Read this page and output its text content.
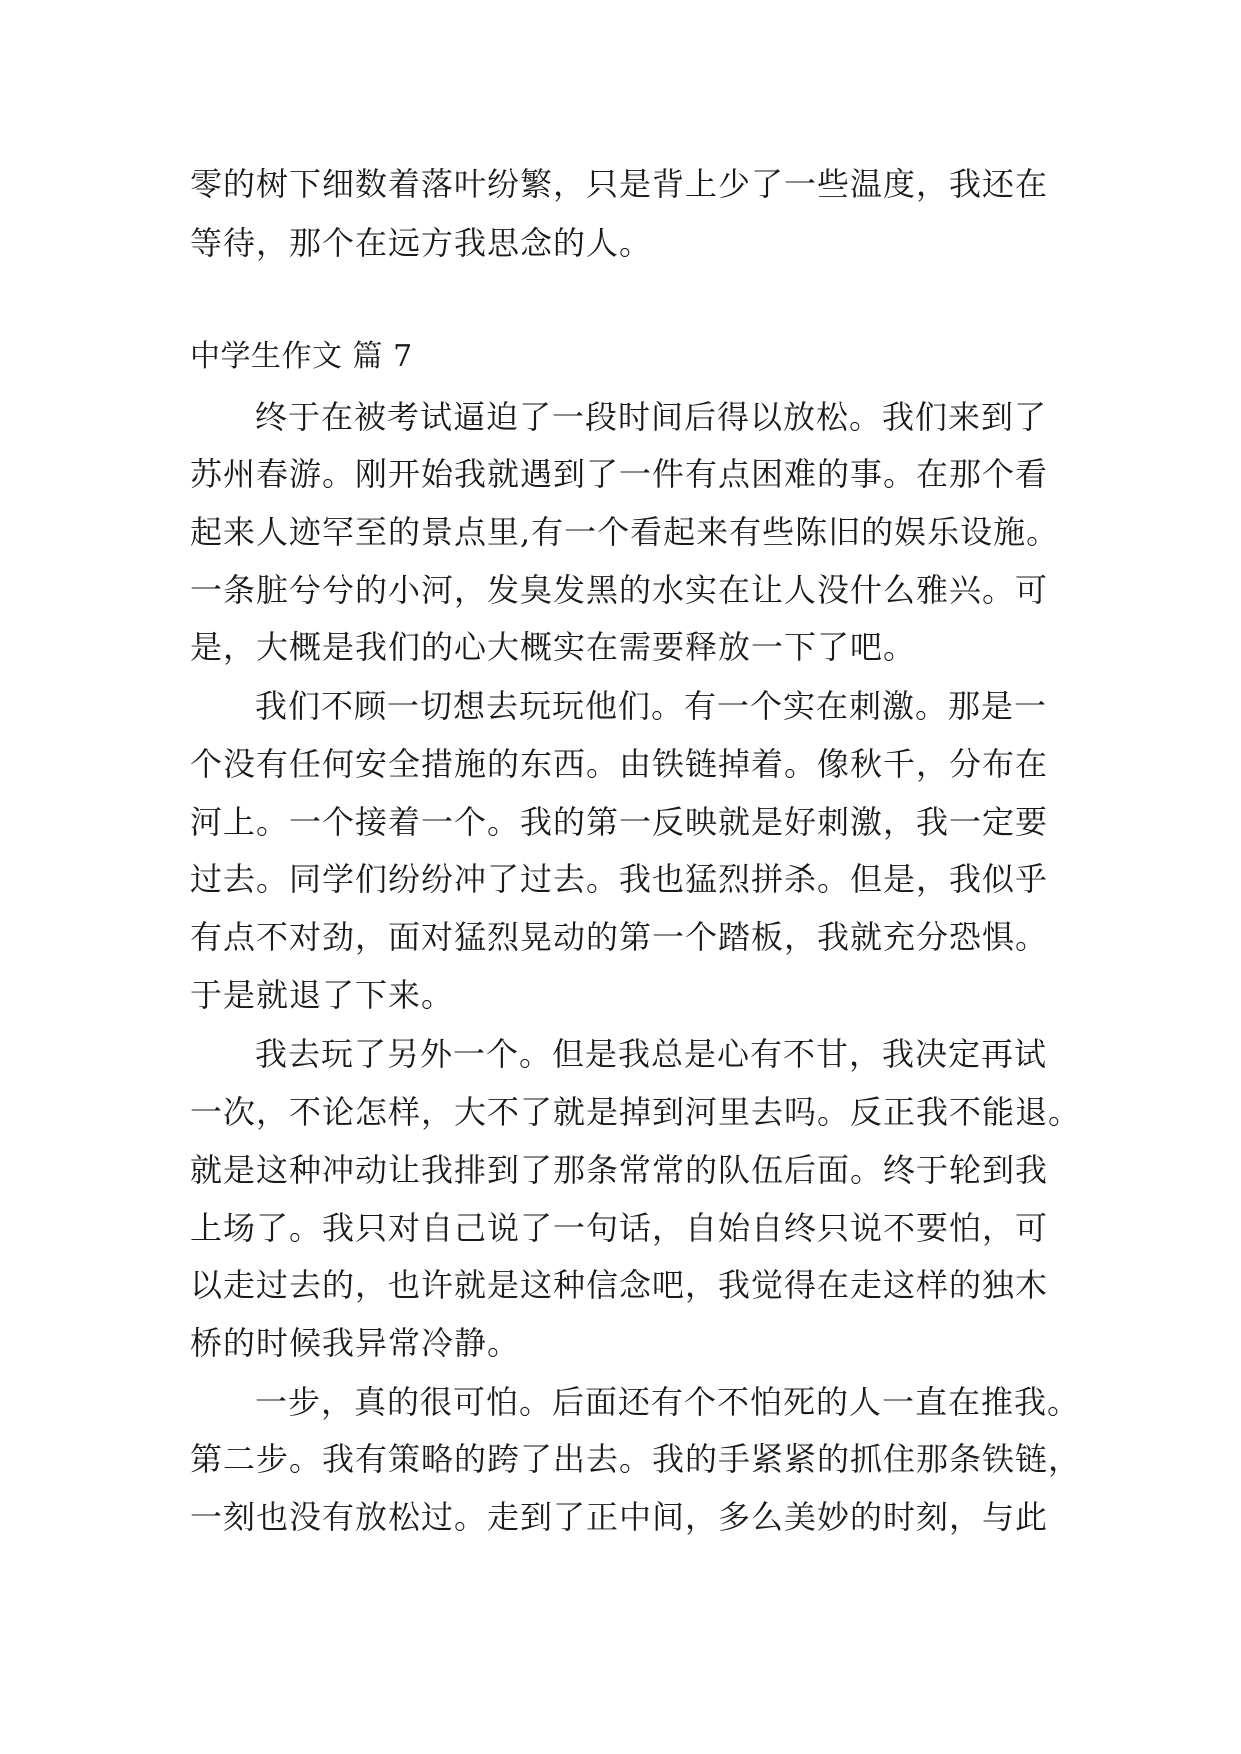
零的树下细数着落叶纷繁，只是背上少了一些温度，我还在
等待，那个在远方我思念的人。
中学生作文 篇 7
终于在被考试逼迫了一段时间后得以放松。我们来到了
苏州春游。刚开始我就遇到了一件有点困难的事。在那个看
起来人迹罕至的景点里,有一个看起来有些陈旧的娱乐设施。
一条脏兮兮的小河，发臭发黑的水实在让人没什么雅兴。可
是，大概是我们的心大概实在需要释放一下了吧。
我们不顾一切想去玩玩他们。有一个实在刺激。那是一
个没有任何安全措施的东西。由铁链掉着。像秋千，分布在
河上。一个接着一个。我的第一反映就是好刺激，我一定要
过去。同学们纷纷冲了过去。我也猛烈拼杀。但是，我似乎
有点不对劲，面对猛烈晃动的第一个踏板，我就充分恐惧。
于是就退了下来。
我去玩了另外一个。但是我总是心有不甘，我决定再试
一次，不论怎样，大不了就是掉到河里去吗。反正我不能退。
就是这种冲动让我排到了那条常常的队伍后面。终于轮到我
上场了。我只对自己说了一句话，自始自终只说不要怕，可
以走过去的，也许就是这种信念吧，我觉得在走这样的独木
桥的时候我异常冷静。
一步，真的很可怕。后面还有个不怕死的人一直在推我。
第二步。我有策略的跨了出去。我的手紧紧的抓住那条铁链，
一刻也没有放松过。走到了正中间，多么美妙的时刻，与此
